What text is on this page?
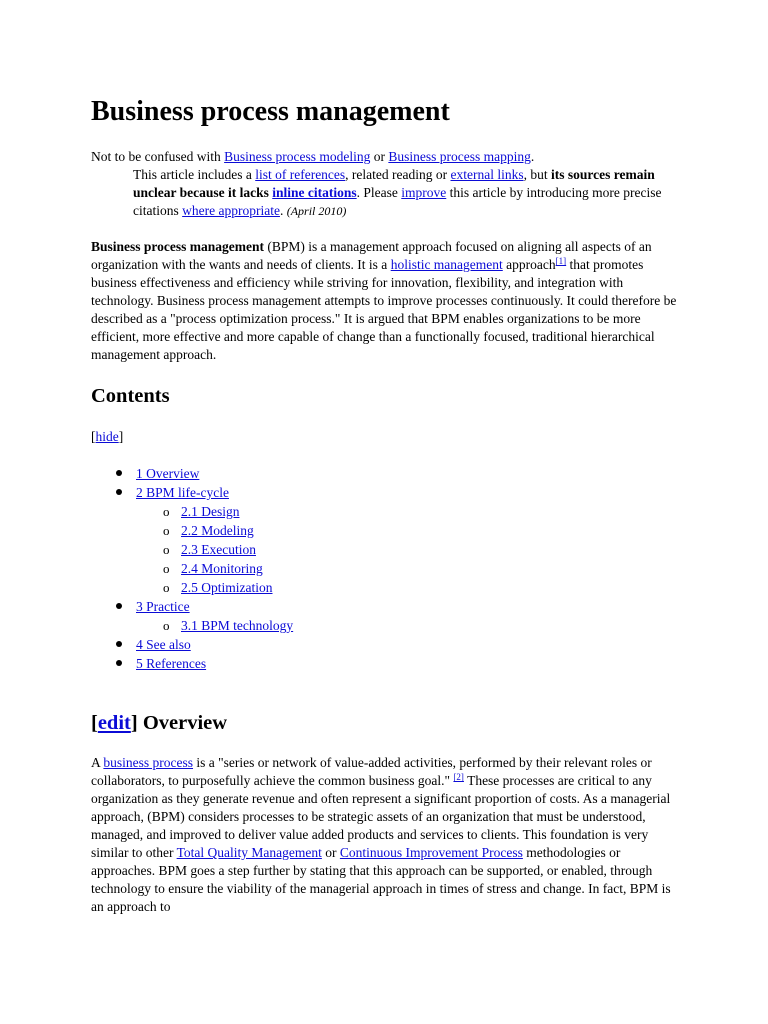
Business process management
Not to be confused with Business process modeling or Business process mapping.
This article includes a list of references, related reading or external links, but its sources remain unclear because it lacks inline citations. Please improve this article by introducing more precise citations where appropriate. (April 2010)
Business process management (BPM) is a management approach focused on aligning all aspects of an organization with the wants and needs of clients. It is a holistic management approach[1] that promotes business effectiveness and efficiency while striving for innovation, flexibility, and integration with technology. Business process management attempts to improve processes continuously. It could therefore be described as a "process optimization process." It is argued that BPM enables organizations to be more efficient, more effective and more capable of change than a functionally focused, traditional hierarchical management approach.
Contents
[hide]
1 Overview
2 BPM life-cycle
o 2.1 Design
o 2.2 Modeling
o 2.3 Execution
o 2.4 Monitoring
o 2.5 Optimization
3 Practice
o 3.1 BPM technology
4 See also
5 References
[edit] Overview
A business process is a "series or network of value-added activities, performed by their relevant roles or collaborators, to purposefully achieve the common business goal." [2] These processes are critical to any organization as they generate revenue and often represent a significant proportion of costs. As a managerial approach, (BPM) considers processes to be strategic assets of an organization that must be understood, managed, and improved to deliver value added products and services to clients. This foundation is very similar to other Total Quality Management or Continuous Improvement Process methodologies or approaches. BPM goes a step further by stating that this approach can be supported, or enabled, through technology to ensure the viability of the managerial approach in times of stress and change. In fact, BPM is an approach to
